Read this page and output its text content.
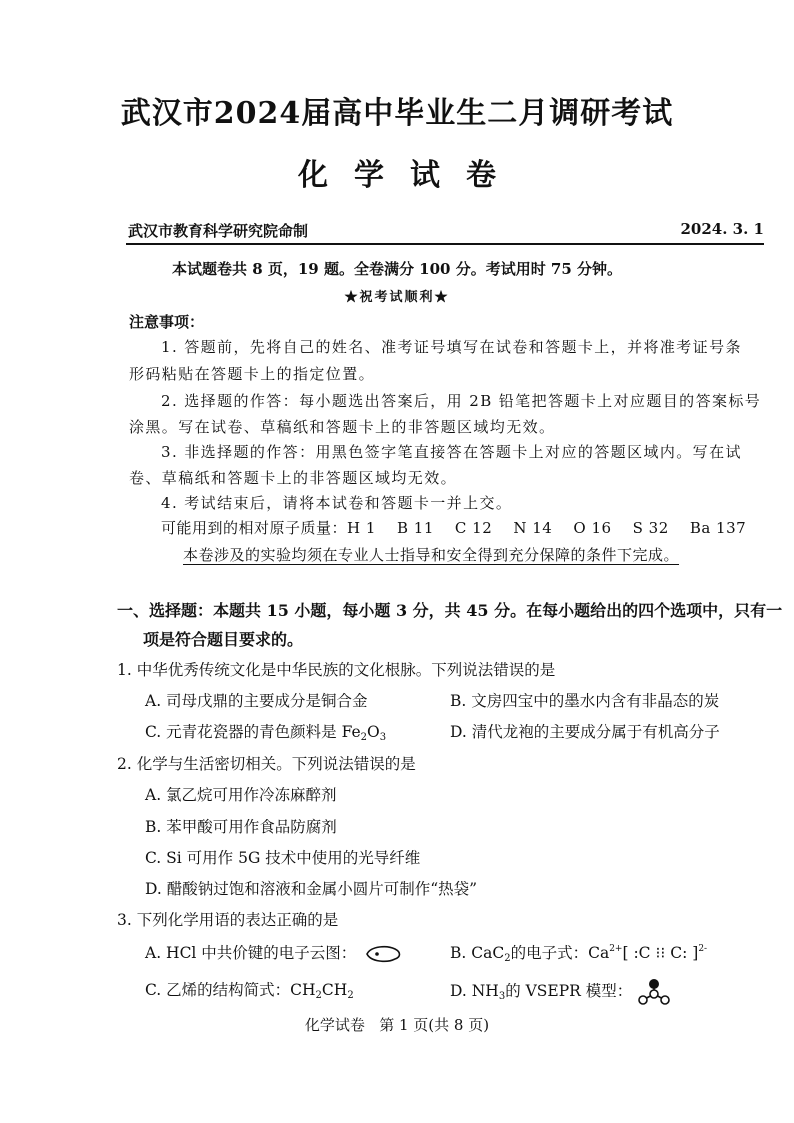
武汉市2024届高中毕业生二月调研考试
化学试卷
武汉市教育科学研究院命制	2024. 3. 1
本试题卷共 8 页，19 题。全卷满分 100 分。考试用时 75 分钟。
★祝考试顺利★
注意事项：
1. 答题前，先将自己的姓名、准考证号填写在试卷和答题卡上，并将准考证号条
形码粘贴在答题卡上的指定位置。
2. 选择题的作答：每小题选出答案后，用 2B 铅笔把答题卡上对应题目的答案标号
涂黑。写在试卷、草稿纸和答题卡上的非答题区域均无效。
3. 非选择题的作答：用黑色签字笔直接答在答题卡上对应的答题区域内。写在试
卷、草稿纸和答题卡上的非答题区域均无效。
4. 考试结束后，请将本试卷和答题卡一并上交。
可能用到的相对原子质量：H 1    B 11    C 12    N 14    O 16    S 32    Ba 137
本卷涉及的实验均须在专业人士指导和安全得到充分保障的条件下完成。
一、选择题：本题共 15 小题，每小题 3 分，共 45 分。在每小题给出的四个选项中，只有一
项是符合题目要求的。
1. 中华优秀传统文化是中华民族的文化根脉。下列说法错误的是
A. 司母戊鼎的主要成分是铜合金	B. 文房四宝中的墨水内含有非晶态的炭
C. 元青花瓷器的青色颜料是 $Fe_2O_3$	D. 清代龙袍的主要成分属于有机高分子
2. 化学与生活密切相关。下列说法错误的是
A. 氯乙烷可用作冷冻麻醉剂
B. 苯甲酸可用作食品防腐剂
C. Si 可用作 5G 技术中使用的光导纤维
D. 醋酸钠过饱和溶液和金属小圆片可制作“热袋”
3. 下列化学用语的表达正确的是
A. HCl 中共价键的电子云图：	B. CaC$_2$的电子式：$Ca^{2+}$[ :C ⁝⁝ C: ]$^{2-}$
C. 乙烯的结构简式：$CH_2CH_2$	D. $NH_3$的 VSEPR 模型：
化学试卷   第 1 页(共 8 页)
